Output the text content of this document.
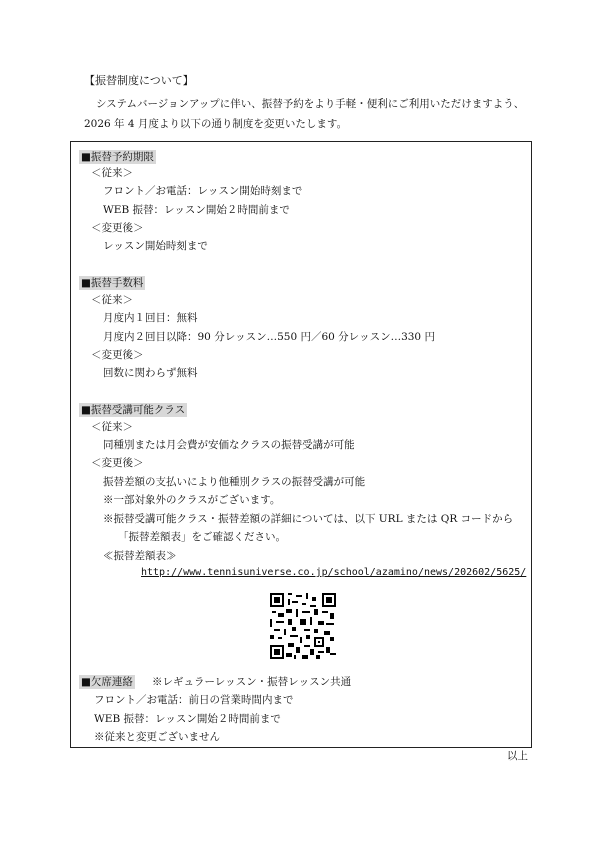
【振替制度について】
システムバージョンアップに伴い、振替予約をより手軽・便利にご利用いただけますよう、
2026 年 4 月度より以下の通り制度を変更いたします。
■振替予約期限
＜従来＞
フロント／お電話：レッスン開始時刻まで
WEB 振替：レッスン開始２時間前まで
＜変更後＞
レッスン開始時刻まで
■振替手数料
＜従来＞
月度内１回目：無料
月度内２回目以降：90 分レッスン…550 円／60 分レッスン…330 円
＜変更後＞
回数に関わらず無料
■振替受講可能クラス
＜従来＞
同種別または月会費が安価なクラスの振替受講が可能
＜変更後＞
振替差額の支払いにより他種別クラスの振替受講が可能
※一部対象外のクラスがございます。
※振替受講可能クラス・振替差額の詳細については、以下 URL または QR コードから
「振替差額表」をご確認ください。
≪振替差額表≫
http://www.tennisuniverse.co.jp/school/azamino/news/202602/5625/
■欠席連絡 ※レギュラーレッスン・振替レッスン共通
フロント／お電話：前日の営業時間内まで
WEB 振替：レッスン開始２時間前まで
※従来と変更ございません
以上
